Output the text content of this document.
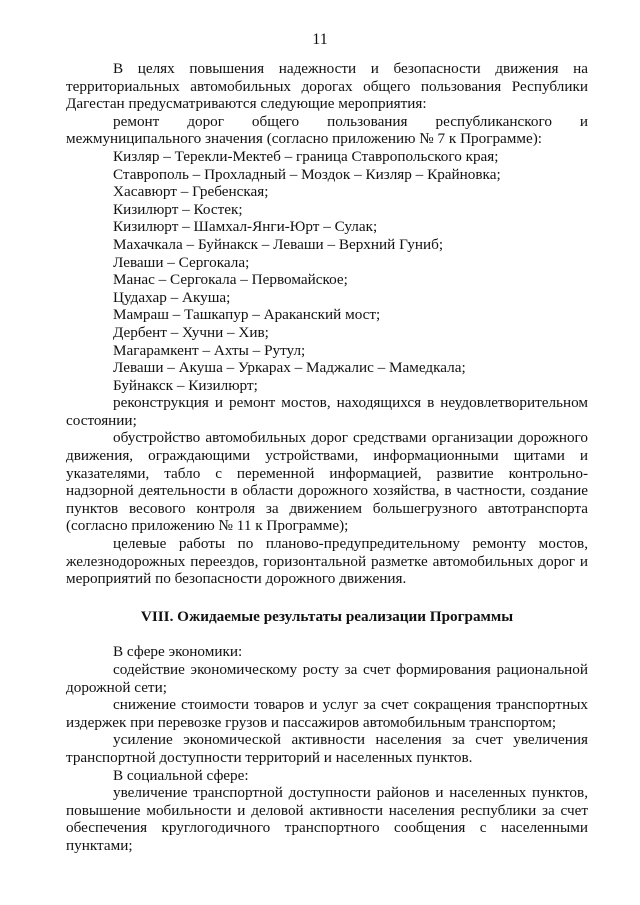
11

В целях повышения надежности и безопасности движения на территориальных автомобильных дорогах общего пользования Республики Дагестан предусматриваются следующие мероприятия:

ремонт дорог общего пользования республиканского и межмуниципального значения (согласно приложению № 7 к Программе):

Кизляр – Терекли-Мектеб – граница Ставропольского края;

Ставрополь – Прохладный – Моздок – Кизляр – Крайновка;

Хасавюрт – Гребенская;

Кизилюрт – Костек;

Кизилюрт – Шамхал-Янги-Юрт – Сулак;

Махачкала – Буйнакск – Леваши – Верхний Гуниб;

Леваши – Сергокала;

Манас – Сергокала – Первомайское;

Цудахар – Акуша;

Мамраш – Ташкапур – Араканский мост;

Дербент – Хучни – Хив;

Магарамкент – Ахты – Рутул;

Леваши – Акуша – Уркарах – Маджалис – Мамедкала;

Буйнакск – Кизилюрт;

реконструкция и ремонт мостов, находящихся в неудовлетворительном состоянии;

обустройство автомобильных дорог средствами организации дорожного движения, ограждающими устройствами, информационными щитами и указателями, табло с переменной информацией, развитие контрольно-надзорной деятельности в области дорожного хозяйства, в частности, создание пунктов весового контроля за движением большегрузного автотранспорта (согласно приложению № 11 к Программе);

целевые работы по планово-предупредительному ремонту мостов, железнодорожных переездов, горизонтальной разметке автомобильных дорог и мероприятий по безопасности дорожного движения.

VIII. Ожидаемые результаты реализации Программы

В сфере экономики:

содействие экономическому росту за счет формирования рациональной дорожной сети;

снижение стоимости товаров и услуг за счет сокращения транспортных издержек при перевозке грузов и пассажиров автомобильным транспортом;

усиление экономической активности населения за счет увеличения транспортной доступности территорий и населенных пунктов.

В социальной сфере:

увеличение транспортной доступности районов и населенных пунктов, повышение мобильности и деловой активности населения республики за счет обеспечения круглогодичного транспортного сообщения с населенными пунктами;
